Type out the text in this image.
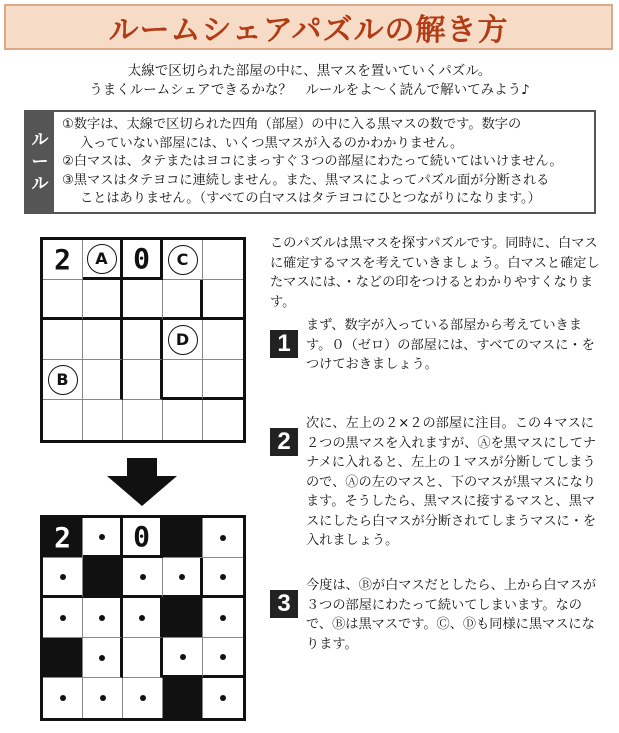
ルームシェアパズルの解き方
太線で区切られた部屋の中に、黒マスを置いていくパズル。
うまくルームシェアできるかな？　ルールをよ～く読んで解いてみよう♪
ル
ー
ル

①数字は、太線で区切られた四角（部屋）の中に入る黒マスの数です。数字の

入っていない部屋には、いくつ黒マスが入るのかわかりません。

②白マスは、タテまたはヨコにまっすぐ３つの部屋にわたって続いてはいけません。

③黒マスはタテヨコに連続しません。また、黒マスによってパズル面が分断される

ことはありません。（すべての白マスはタテヨコにひとつながりになります。）

2	A 0	C
D
B
2 0
このパズルは黒マスを探すパズルです。同時に、白マスに確定するマスを考えていきましょう。白マスと確定したマスには、・などの印をつけるとわかりやすくなります。
1
まず、数字が入っている部屋から考えていきます。０（ゼロ）の部屋には、すべてのマスに・をつけておきましょう。
2
次に、左上の２×２の部屋に注目。この４マスに２つの黒マスを入れますが、Ⓐを黒マスにしてナナメに入れると、左上の１マスが分断してしまうので、Ⓐの左のマスと、下のマスが黒マスになります。そうしたら、黒マスに接するマスと、黒マスにしたら白マスが分断されてしまうマスに・を入れましょう。
3
今度は、Ⓑが白マスだとしたら、上から白マスが３つの部屋にわたって続いてしまいます。なので、Ⓑは黒マスです。Ⓒ、Ⓓも同様に黒マスになります。
